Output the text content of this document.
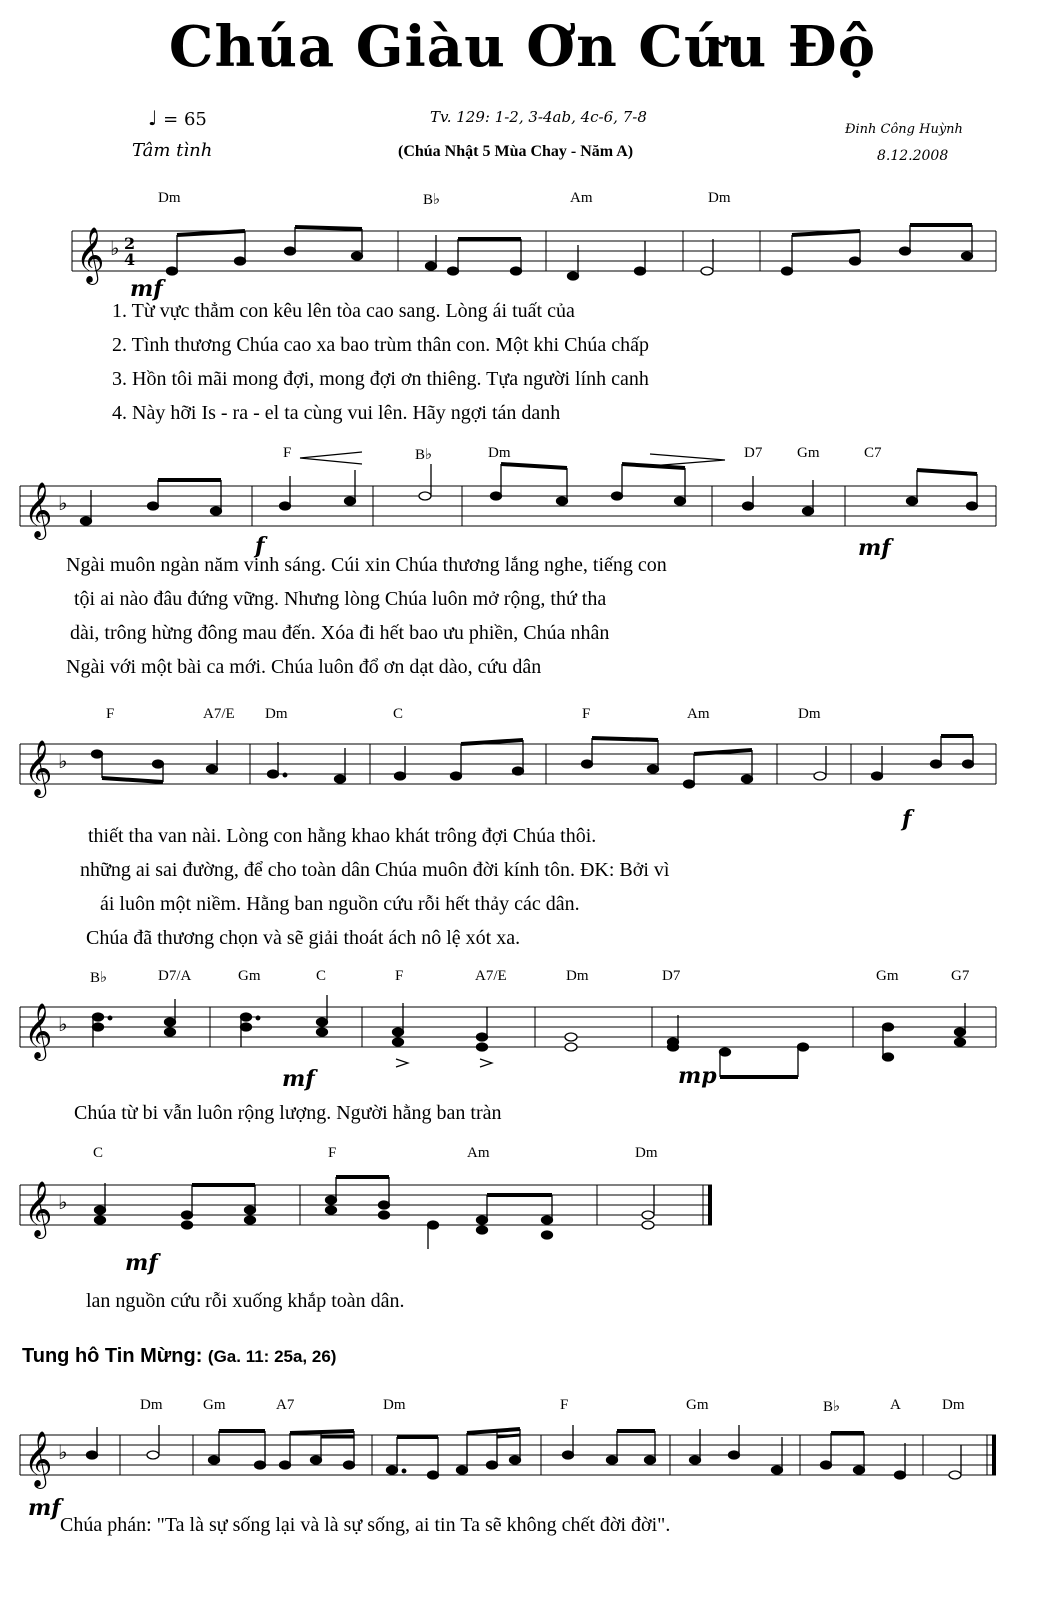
Chúa Giàu Ơn Cứu Độ
♩ = 65
Tâm tình
Tv. 129: 1-2, 3-4ab, 4c-6, 7-8
(Chúa Nhật 5 Mùa Chay - Năm A)
Đinh Công Huỳnh
8.12.2008
Dm	B♭	Am	Dm
𝄞 ♭ 2
4
mf
1. Từ vực thẳm con kêu lên tòa cao sang. Lòng ái tuất của
2. Tình thương Chúa cao xa bao trùm thân con. Một khi Chúa chấp
3. Hồn tôi mãi mong đợi, mong đợi ơn thiêng. Tựa người lính canh
4. Này hỡi Is - ra - el ta cùng vui lên. Hãy ngợi tán danh
F	B♭	Dm	D7 Gm	C7
𝄞 ♭
f	mf
Ngài muôn ngàn năm vinh sáng. Cúi xin Chúa thương lắng nghe, tiếng con
tội ai nào đâu đứng vững. Nhưng lòng Chúa luôn mở rộng, thứ tha
dài, trông hừng đông mau đến. Xóa đi hết bao ưu phiền, Chúa nhân
Ngài với một bài ca mới. Chúa luôn đổ ơn dạt dào, cứu dân
F	A7/E Dm	C	F	Am	Dm
𝄞 ♭
f
thiết tha van nài. Lòng con hằng khao khát trông đợi Chúa thôi.
những ai sai đường, để cho toàn dân Chúa muôn đời kính tôn. ĐK: Bởi vì
ái luôn một niềm. Hằng ban nguồn cứu rỗi hết thảy các dân.
Chúa đã thương chọn và sẽ giải thoát ách nô lệ xót xa.
B♭	D7/A	Gm	C	F	A7/E	Dm	D7	Gm	G7
𝄞 ♭
mf	mp
Chúa từ bi vẫn luôn rộng lượng. Người hằng ban tràn
C	F	Am	Dm
𝄞 ♭
mf
lan nguồn cứu rỗi xuống khắp toàn dân.
Tung hô Tin Mừng: (Ga. 11: 25a, 26)
Dm	Gm	A7	Dm	F	Gm	B♭	A	Dm
𝄞 ♭
mf
Chúa phán: "Ta là sự sống lại và là sự sống, ai tin Ta sẽ không chết đời đời".
